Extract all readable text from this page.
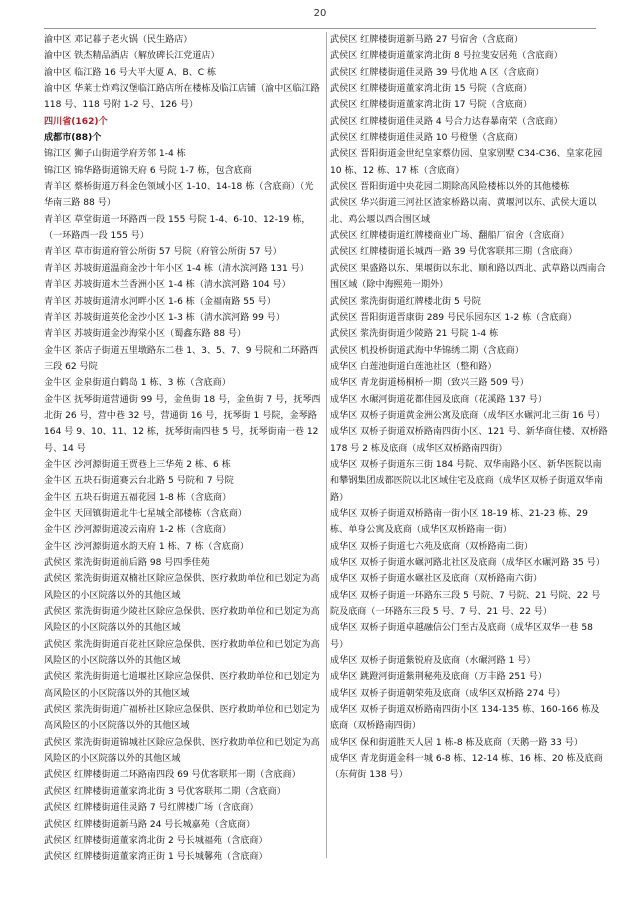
20
渝中区 邓记暮子老火锅（民生路店）
渝中区 铁杰精品酒店（解放碑长江党道店）
渝中区 临江路 16 号大平大厦 A、B、C 栋
渝中区 华莱士炸鸡汉堡临江路店所在楼栋及临江店铺（渝中区临江路 118 号、118 号附 1-2 号、126 号）
四川省(162)个
成都市(88)个
锦江区 狮子山街道学府芳邻 1-4 栋
锦江区 锦华路街道锦天府 6 号院 1-7 栋，包含底商
青羊区 蔡桥街道万科金色领域小区 1-10、14-18 栋（含底商）（光华南三路 88 号）
青羊区 草堂街道一环路西一段 155 号院 1-4、6-10、12-19 栋，（一环路西一段 155 号）
青羊区 草市街道府管公所街 57 号院（府管公所街 57 号）
青羊区 苏坡街道温商金沙十年小区 1-4 栋（清水滨河路 131 号）
青羊区 苏坡街道木兰香洲小区 1-4 栋（清水滨河路 104 号）
青羊区 苏坡街道清水河畔小区 1-6 栋（金福南路 55 号）
青羊区 苏坡街道英伦金沙小区 1-3 栋（清水滨河路 99 号）
青羊区 苏坡街道金沙海棠小区（蜀鑫东路 88 号）
金牛区 茶店子街道五里墩路东二巷 1、3、5、7、9 号院和二环路西三段 62 号院
金牛区 金泉街道白鹤岛 1 栋、3 栋（含底商）
金牛区 抚琴街道营通街 99 号，金鱼街 18 号，金鱼街 7 号，抚琴西北街 26 号，营中巷 32 号，营通街 16 号，抚琴街 1 号院，金琴路 164 号 9、10、11、12 栋，抚琴街南四巷 5 号，抚琴街南一巷 12 号、14 号
金牛区 沙河源街道王贾巷上三华苑 2 栋、6 栋
金牛区 五块石街道赛云台北路 5 号院和 7 号院
金牛区 五块石街道五福花园 1-8 栋（含底商）
金牛区 天回镇街道北牛七星城全部楼栋（含底商）
金牛区 沙河源街道凌云南府 1-2 栋（含底商）
金牛区 沙河源街道水韵天府 1 栋、7 栋（含底商）
武侯区 浆洗街街道前后路 98 号四季佳苑
武侯区 浆洗街街道双楠社区除应急保供、医疗救助单位和已划定为高风险区的小区院落以外的其他区域
武侯区 浆洗街街道少陵社区除应急保供、医疗救助单位和已划定为高风险区的小区院落以外的其他区域
武侯区 浆洗街街道百花社区除应急保供、医疗救助单位和已划定为高风险区的小区院落以外的其他区域
武侯区 浆洗街街道七道堰社区除应急保供、医疗救助单位和已划定为高风险区的小区院落以外的其他区域
武侯区 浆洗街街道广福桥社区除应急保供、医疗救助单位和已划定为高风险区的小区院落以外的其他区域
武侯区 浆洗街街道锦城社区除应急保供、医疗救助单位和已划定为高风险区的小区院落以外的其他区域
武侯区 红牌楼街道二环路南四段 69 号优客联邦一期（含底商）
武侯区 红牌楼街道董家湾北街 3 号优客联邦二期（含底商）
武侯区 红牌楼街道佳灵路 7 号红牌楼广场（含底商）
武侯区 红牌楼街道新马路 24 号长城嘉苑（含底商）
武侯区 红牌楼街道董家湾北街 2 号长城福苑（含底商）
武侯区 红牌楼街道董家湾正街 1 号长城馨苑（含底商）
武侯区 红牌楼街道新马路 27 号宿舍（含底商）
武侯区 红牌楼街道董家湾北街 8 号拉斐安居苑（含底商）
武侯区 红牌楼街道佳灵路 39 号优地 A 区（含底商）
武侯区 红牌楼街道董家湾北街 15 号院（含底商）
武侯区 红牌楼街道董家湾北街 17 号院（含底商）
武侯区 红牌楼街道佳灵路 4 号合力达春暴南荣（含底商）
武侯区 红牌楼街道佳灵路 10 号橙堡（含底商）
武侯区 晋阳街道金世纪皇家蔡仂园、皇家别墅 C34-C36、皇家花园 10 栋、12 栋、17 栋（含底商）
武侯区 晋阳街道中央花园二期除高风险楼栋以外的其他楼栋
武侯区 华兴街道三河社区渣家桥路以南、黄堰河以东、武侯大道以北、鸡公堰以西合围区域
武侯区 红牌楼街道红牌楼商业广场、翻船厂宿舍（含底商）
武侯区 红牌楼街道长城西一路 39 号优客联邦三期（含底商）
武侯区 果盛路以东、果堰街以东北、顺和路以西北、武草路以西南合围区域（除中海熙苑一期外）
武侯区 浆洗街街道红牌楼北街 5 号院
武侯区 晋阳街道晋康街 289 号民乐园东区 1-2 栋（含底商）
武侯区 浆洗街街道少陵路 21 号院 1-4 栋
武侯区 机投桥街道武海中华锦绣二期（含底商）
成华区 白莲池街道白莲池社区（整和路）
成华区 青龙街道杨桐桥一期（致兴三路 509 号）
成华区 水碾河街道花都佳园及底商（花溪路 137 号）
成华区 双桥子街道黄金洲公寓及底商（成华区水碾河北三街 16 号）
成华区 双桥子街道双桥路南四街小区、121 号、新华商住楼、双桥路 178 号 2 栋及底商（成华区双桥路南四街）
成华区 双桥子街道东三街 184 号院、双华南路小区、新华医院以南和攀钢集团成都医院以北区域住宅及底商（成华区双桥子街道双华南路）
成华区 双桥子街道双桥路南一街小区 18-19 栋、21-23 栋、29 栋、单身公寓及底商（成华区双桥路南一街）
成华区 双桥子街道七六苑及底商（双桥路南二街）
成华区 双桥子街道水碾河路北社区及底商（成华区水碾河路 35 号）
成华区 双桥子街道水碾社区及底商（双桥路南六街）
成华区 双桥子街道一环路东三段 5 号院、7 号院、21 号院、22 号院及底商（一环路东三段 5 号、7 号、21 号、22 号）
成华区 双桥子街道卓越融信公门至古及底商（成华区双华一巷 58 号）
成华区 双桥子街道紫锐府及底商（水碾河路 1 号）
成华区 跳蹬河街道紫荆秘苑及底商（万丰路 251 号）
成华区 双桥子街道朝荣苑及底商（成华区双桥路 274 号）
成华区 双桥子街道双桥路南四街小区 134-135 栋、160-166 栋及底商（双桥路南四街）
成华区 保和街道胜天人居 1 栋-8 栋及底商（天鹅一路 33 号）
成华区 青龙街道金科一城 6-8 栋、12-14 栋、16 栋、20 栋及底商（东荷街 138 号）
